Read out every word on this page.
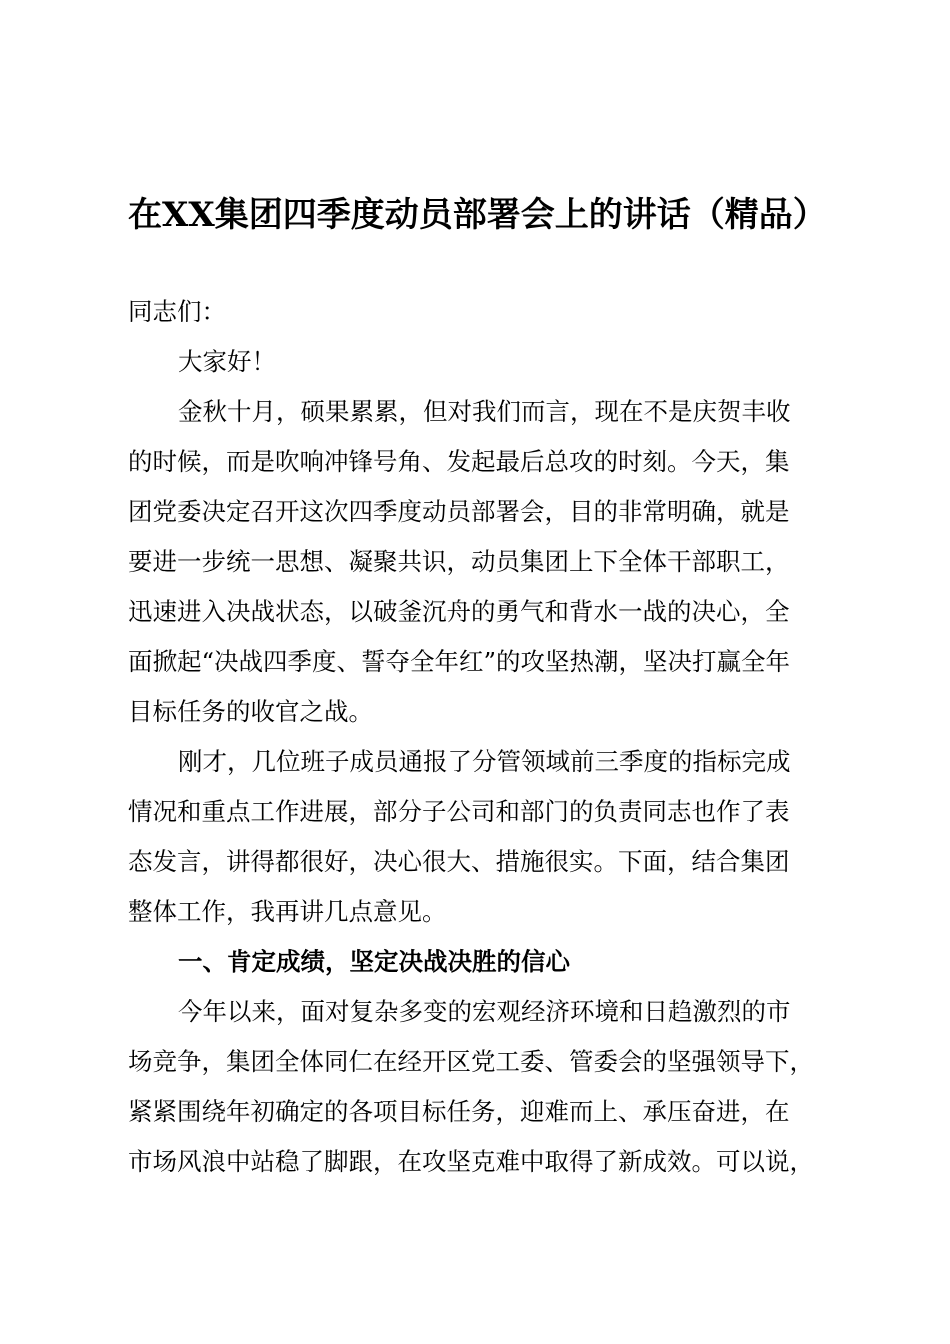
在XX集团四季度动员部署会上的讲话（精品）
同志们：
大家好！
金秋十月，硕果累累，但对我们而言，现在不是庆贺丰收
的时候，而是吹响冲锋号角、发起最后总攻的时刻。今天，集
团党委决定召开这次四季度动员部署会，目的非常明确，就是
要进一步统一思想、凝聚共识，动员集团上下全体干部职工，
迅速进入决战状态，以破釜沉舟的勇气和背水一战的决心，全
面掀起“决战四季度、誓夺全年红”的攻坚热潮，坚决打赢全年
目标任务的收官之战。
刚才，几位班子成员通报了分管领域前三季度的指标完成
情况和重点工作进展，部分子公司和部门的负责同志也作了表
态发言，讲得都很好，决心很大、措施很实。下面，结合集团
整体工作，我再讲几点意见。
一、肯定成绩，坚定决战决胜的信心
今年以来，面对复杂多变的宏观经济环境和日趋激烈的市
场竞争，集团全体同仁在经开区党工委、管委会的坚强领导下，
紧紧围绕年初确定的各项目标任务，迎难而上、承压奋进，在
市场风浪中站稳了脚跟，在攻坚克难中取得了新成效。可以说，
